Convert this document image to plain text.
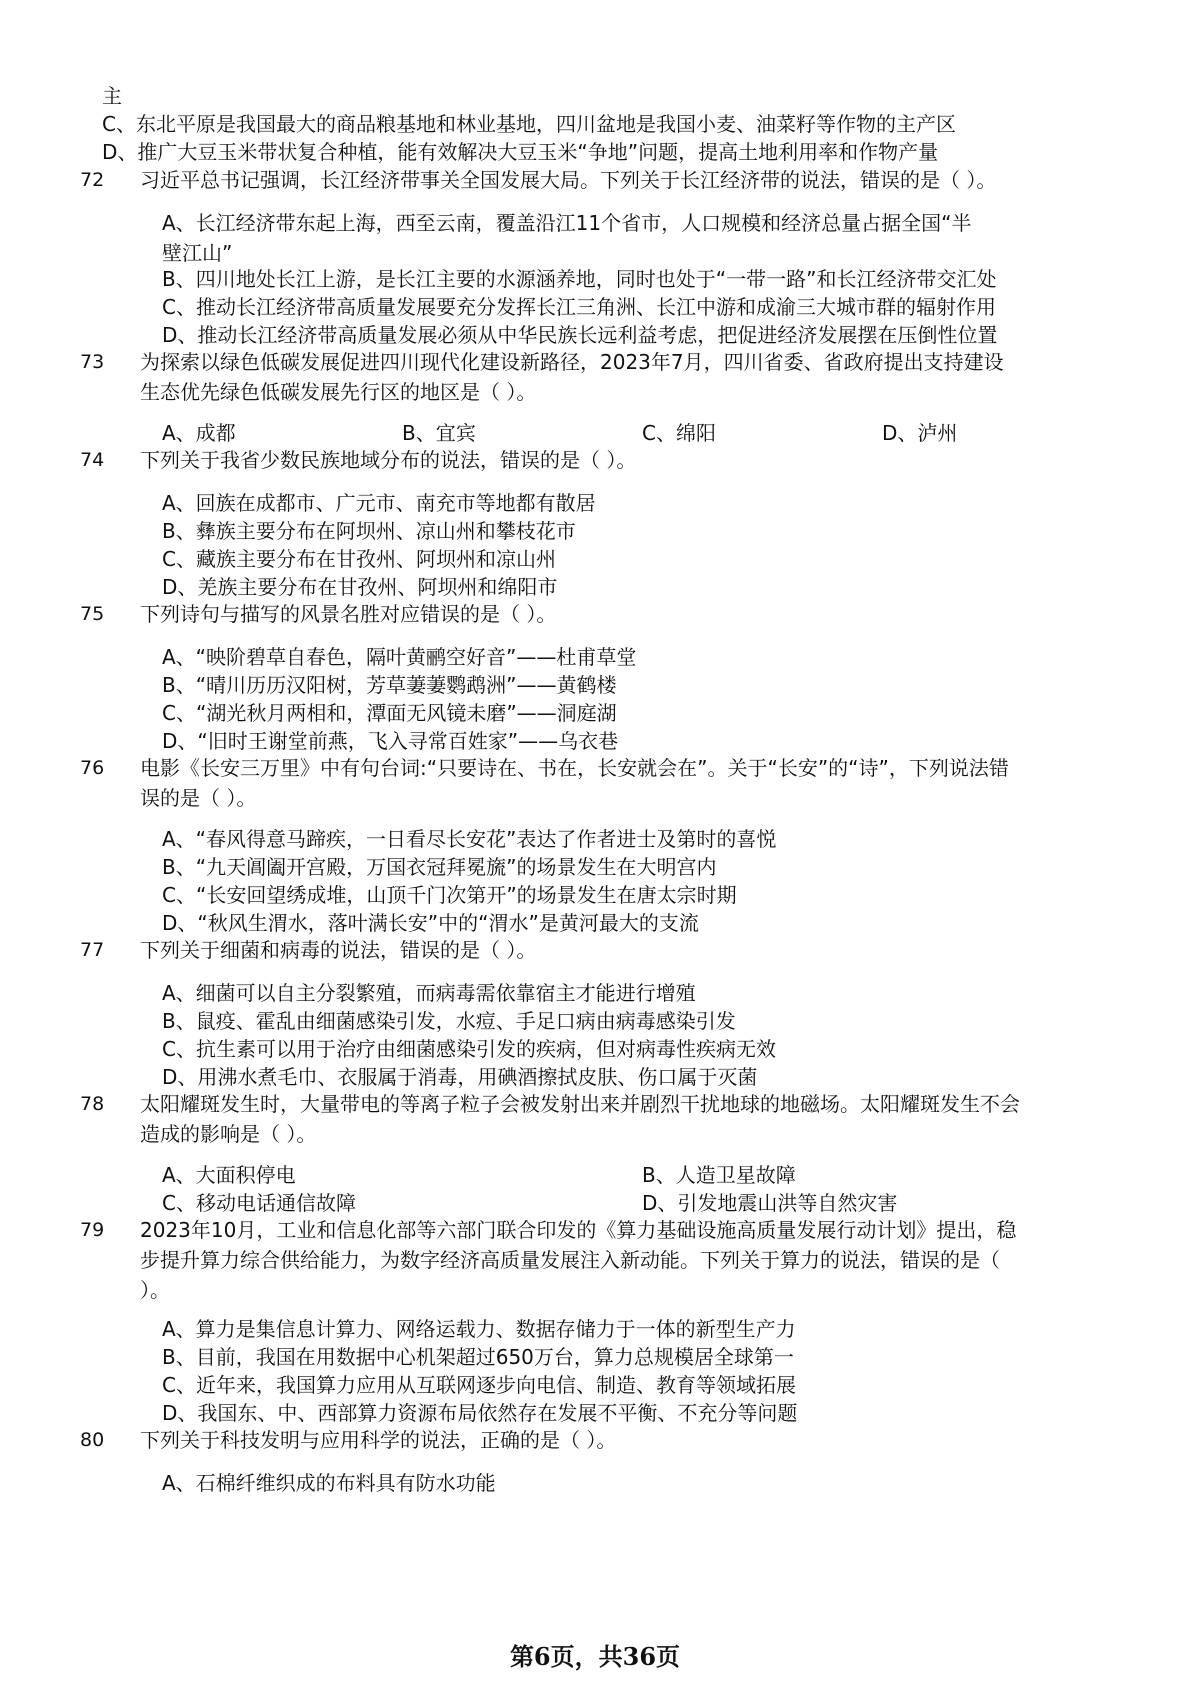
主
C、东北平原是我国最大的商品粮基地和林业基地，四川盆地是我国小麦、油菜籽等作物的主产区
D、推广大豆玉米带状复合种植，能有效解决大豆玉米“争地”问题，提高土地利用率和作物产量
72 习近平总书记强调，长江经济带事关全国发展大局。下列关于长江经济带的说法，错误的是（ ）。
A、长江经济带东起上海，西至云南，覆盖沿江11个省市，人口规模和经济总量占据全国“半壁江山”
B、四川地处长江上游，是长江主要的水源涵养地，同时也处于“一带一路”和长江经济带交汇处
C、推动长江经济带高质量发展要充分发挥长江三角洲、长江中游和成渝三大城市群的辐射作用
D、推动长江经济带高质量发展必须从中华民族长远利益考虑，把促进经济发展摆在压倒性位置
73 为探索以绿色低碳发展促进四川现代化建设新路径，2023年7月，四川省委、省政府提出支持建设生态优先绿色低碳发展先行区的地区是（ ）。
A、成都	B、宜宾	C、绵阳	D、泸州
74 下列关于我省少数民族地域分布的说法，错误的是（ ）。
A、回族在成都市、广元市、南充市等地都有散居
B、彝族主要分布在阿坝州、凉山州和攀枝花市
C、藏族主要分布在甘孜州、阿坝州和凉山州
D、羌族主要分布在甘孜州、阿坝州和绵阳市
75 下列诗句与描写的风景名胜对应错误的是（ ）。
A、“映阶碧草自春色，隔叶黄鹂空好音”——杜甫草堂
B、“晴川历历汉阳树，芳草萋萋鹦鹉洲”——黄鹤楼
C、“湖光秋月两相和，潭面无风镜未磨”——洞庭湖
D、“旧时王谢堂前燕，飞入寻常百姓家”——乌衣巷
76 电影《长安三万里》中有句台词:“只要诗在、书在，长安就会在”。关于“长安”的“诗”，下列说法错误的是（ ）。
A、“春风得意马蹄疾，一日看尽长安花”表达了作者进士及第时的喜悦
B、“九天阊阖开宫殿，万国衣冠拜冕旒”的场景发生在大明宫内
C、“长安回望绣成堆，山顶千门次第开”的场景发生在唐太宗时期
D、“秋风生渭水，落叶满长安”中的“渭水”是黄河最大的支流
77 下列关于细菌和病毒的说法，错误的是（ ）。
A、细菌可以自主分裂繁殖，而病毒需依靠宿主才能进行增殖
B、鼠疫、霍乱由细菌感染引发，水痘、手足口病由病毒感染引发
C、抗生素可以用于治疗由细菌感染引发的疾病，但对病毒性疾病无效
D、用沸水煮毛巾、衣服属于消毒，用碘酒擦拭皮肤、伤口属于灭菌
78 太阳耀斑发生时，大量带电的等离子粒子会被发射出来并剧烈干扰地球的地磁场。太阳耀斑发生不会造成的影响是（ ）。
A、大面积停电	B、人造卫星故障
C、移动电话通信故障	D、引发地震山洪等自然灾害
79 2023年10月，工业和信息化部等六部门联合印发的《算力基础设施高质量发展行动计划》提出，稳步提升算力综合供给能力，为数字经济高质量发展注入新动能。下列关于算力的说法，错误的是（ ）。
A、算力是集信息计算力、网络运载力、数据存储力于一体的新型生产力
B、目前，我国在用数据中心机架超过650万台，算力总规模居全球第一
C、近年来，我国算力应用从互联网逐步向电信、制造、教育等领域拓展
D、我国东、中、西部算力资源布局依然存在发展不平衡、不充分等问题
80 下列关于科技发明与应用科学的说法，正确的是（ ）。
A、石棉纤维织成的布料具有防水功能
第6页，共36页
